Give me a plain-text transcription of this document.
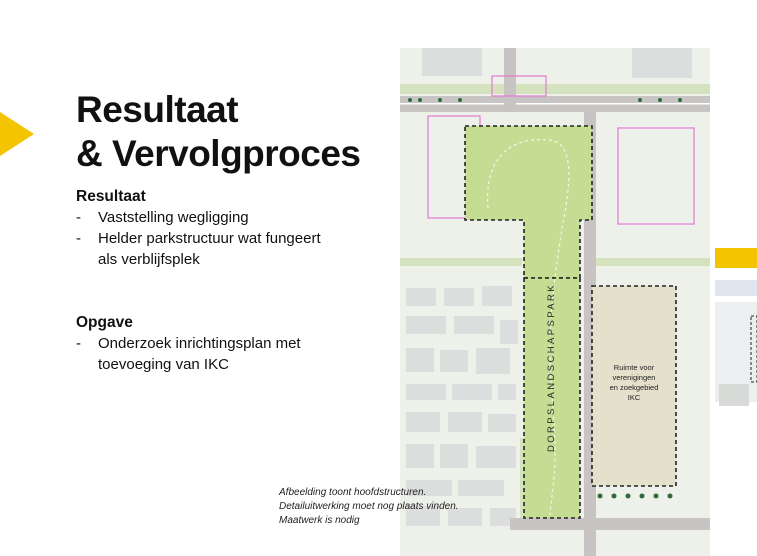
Resultaat
& Vervolgproces
Resultaat
- Vaststelling wegligging
- Helder parkstructuur wat fungeert
als verblijfsplek
Opgave
- Onderzoek inrichtingsplan met
toevoeging van IKC	DORPSLANDSCHAPSPARK	Ruimte voor
verenigingen
en zoekgebied
IKC
Afbeelding toont hoofdstructuren.
Detailuitwerking moet nog plaats vinden.
Maatwerk is nodig
